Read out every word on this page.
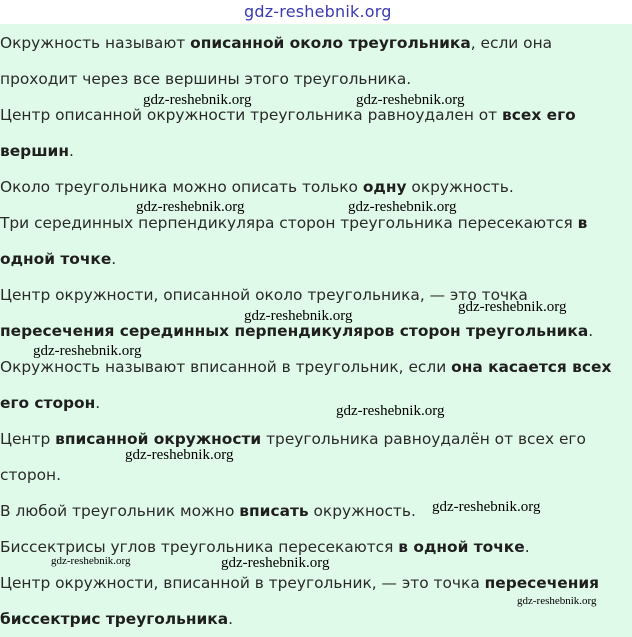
gdz-reshebnik.org
Окружность называют описанной около треугольника, если она
проходит через все вершины этого треугольника.
Центр описанной окружности треугольника равноудален от всех его
вершин.
Около треугольника можно описать только одну окружность.
Три серединных перпендикуляра сторон треугольника пересекаются в
одной точке.
Центр окружности, описанной около треугольника, — это точка
пересечения серединных перпендикуляров сторон треугольника.
Окружность называют вписанной в треугольник, если она касается всех
его сторон.
Центр вписанной окружности треугольника равноудалён от всех его
сторон.
В любой треугольник можно вписать окружность.
Биссектрисы углов треугольника пересекаются в одной точке.
Центр окружности, вписанной в треугольник, — это точка пересечения
биссектрис треугольника.
gdz-reshebnik.org	gdz-reshebnik.org
gdz-reshebnik.org	gdz-reshebnik.org
gdz-reshebnik.org
gdz-reshebnik.org
gdz-reshebnik.org
gdz-reshebnik.org
gdz-reshebnik.org
gdz-reshebnik.org
gdz-reshebnik.org	gdz-reshebnik.org
gdz-reshebnik.org
